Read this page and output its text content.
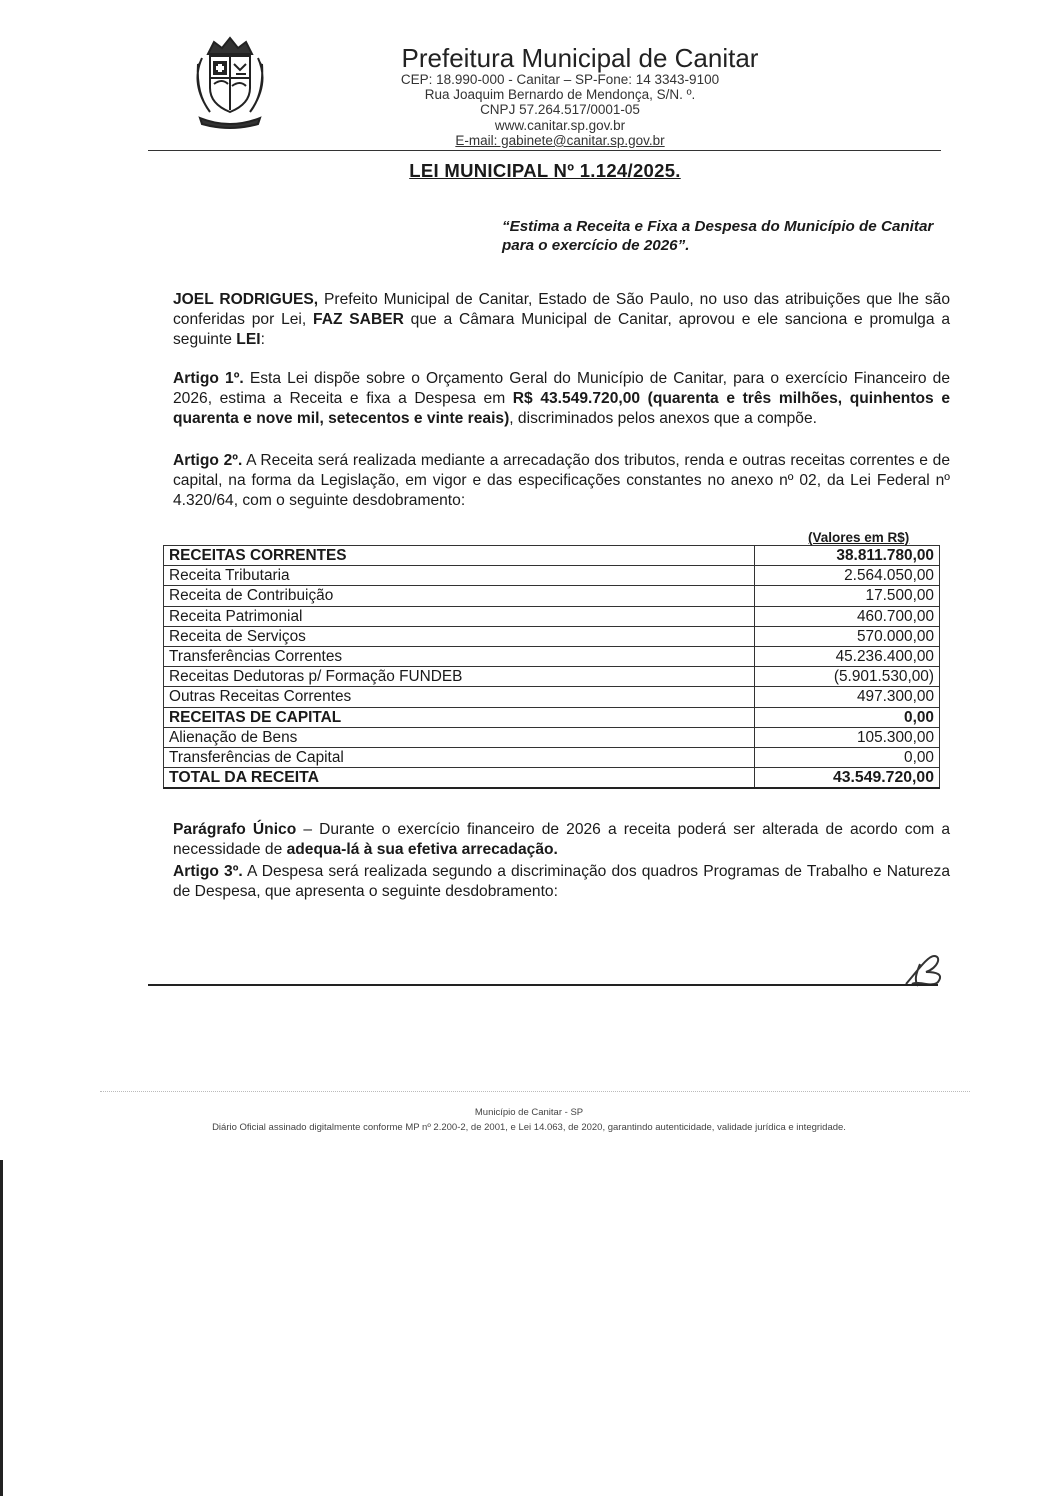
Prefeitura Municipal de Canitar
CEP: 18.990-000 - Canitar – SP-Fone: 14 3343-9100
Rua Joaquim Bernardo de Mendonça, S/N. º.
CNPJ 57.264.517/0001-05
www.canitar.sp.gov.br
E-mail: gabinete@canitar.sp.gov.br
LEI MUNICIPAL Nº 1.124/2025.
“Estima a Receita e Fixa a Despesa do Município de Canitar para o exercício de 2026”.
JOEL RODRIGUES, Prefeito Municipal de Canitar, Estado de São Paulo, no uso das atribuições que lhe são conferidas por Lei, FAZ SABER que a Câmara Municipal de Canitar, aprovou e ele sanciona e promulga a seguinte LEI:
Artigo 1º. Esta Lei dispõe sobre o Orçamento Geral do Município de Canitar, para o exercício Financeiro de 2026, estima a Receita e fixa a Despesa em R$ 43.549.720,00 (quarenta e três milhões, quinhentos e quarenta e nove mil, setecentos e vinte reais), discriminados pelos anexos que a compõe.
Artigo 2º. A Receita será realizada mediante a arrecadação dos tributos, renda e outras receitas correntes e de capital, na forma da Legislação, em vigor e das especificações constantes no anexo nº 02, da Lei Federal nº 4.320/64, com o seguinte desdobramento:
(Valores em R$)
RECEITAS CORRENTES	38.811.780,00
Receita Tributaria	2.564.050,00
Receita de Contribuição	17.500,00
Receita Patrimonial	460.700,00
Receita de Serviços	570.000,00
Transferências Correntes	45.236.400,00
Receitas Dedutoras p/ Formação FUNDEB	(5.901.530,00)
Outras Receitas Correntes	497.300,00
RECEITAS DE CAPITAL	0,00
Alienação de Bens	105.300,00
Transferências de Capital	0,00
TOTAL DA RECEITA	43.549.720,00
Parágrafo Único – Durante o exercício financeiro de 2026 a receita poderá ser alterada de acordo com a necessidade de adequa-lá à sua efetiva arrecadação.
Artigo 3º. A Despesa será realizada segundo a discriminação dos quadros Programas de Trabalho e Natureza de Despesa, que apresenta o seguinte desdobramento:
Município de Canitar - SP
Diário Oficial assinado digitalmente conforme MP nº 2.200-2, de 2001, e Lei 14.063, de 2020, garantindo autenticidade, validade jurídica e integridade.
